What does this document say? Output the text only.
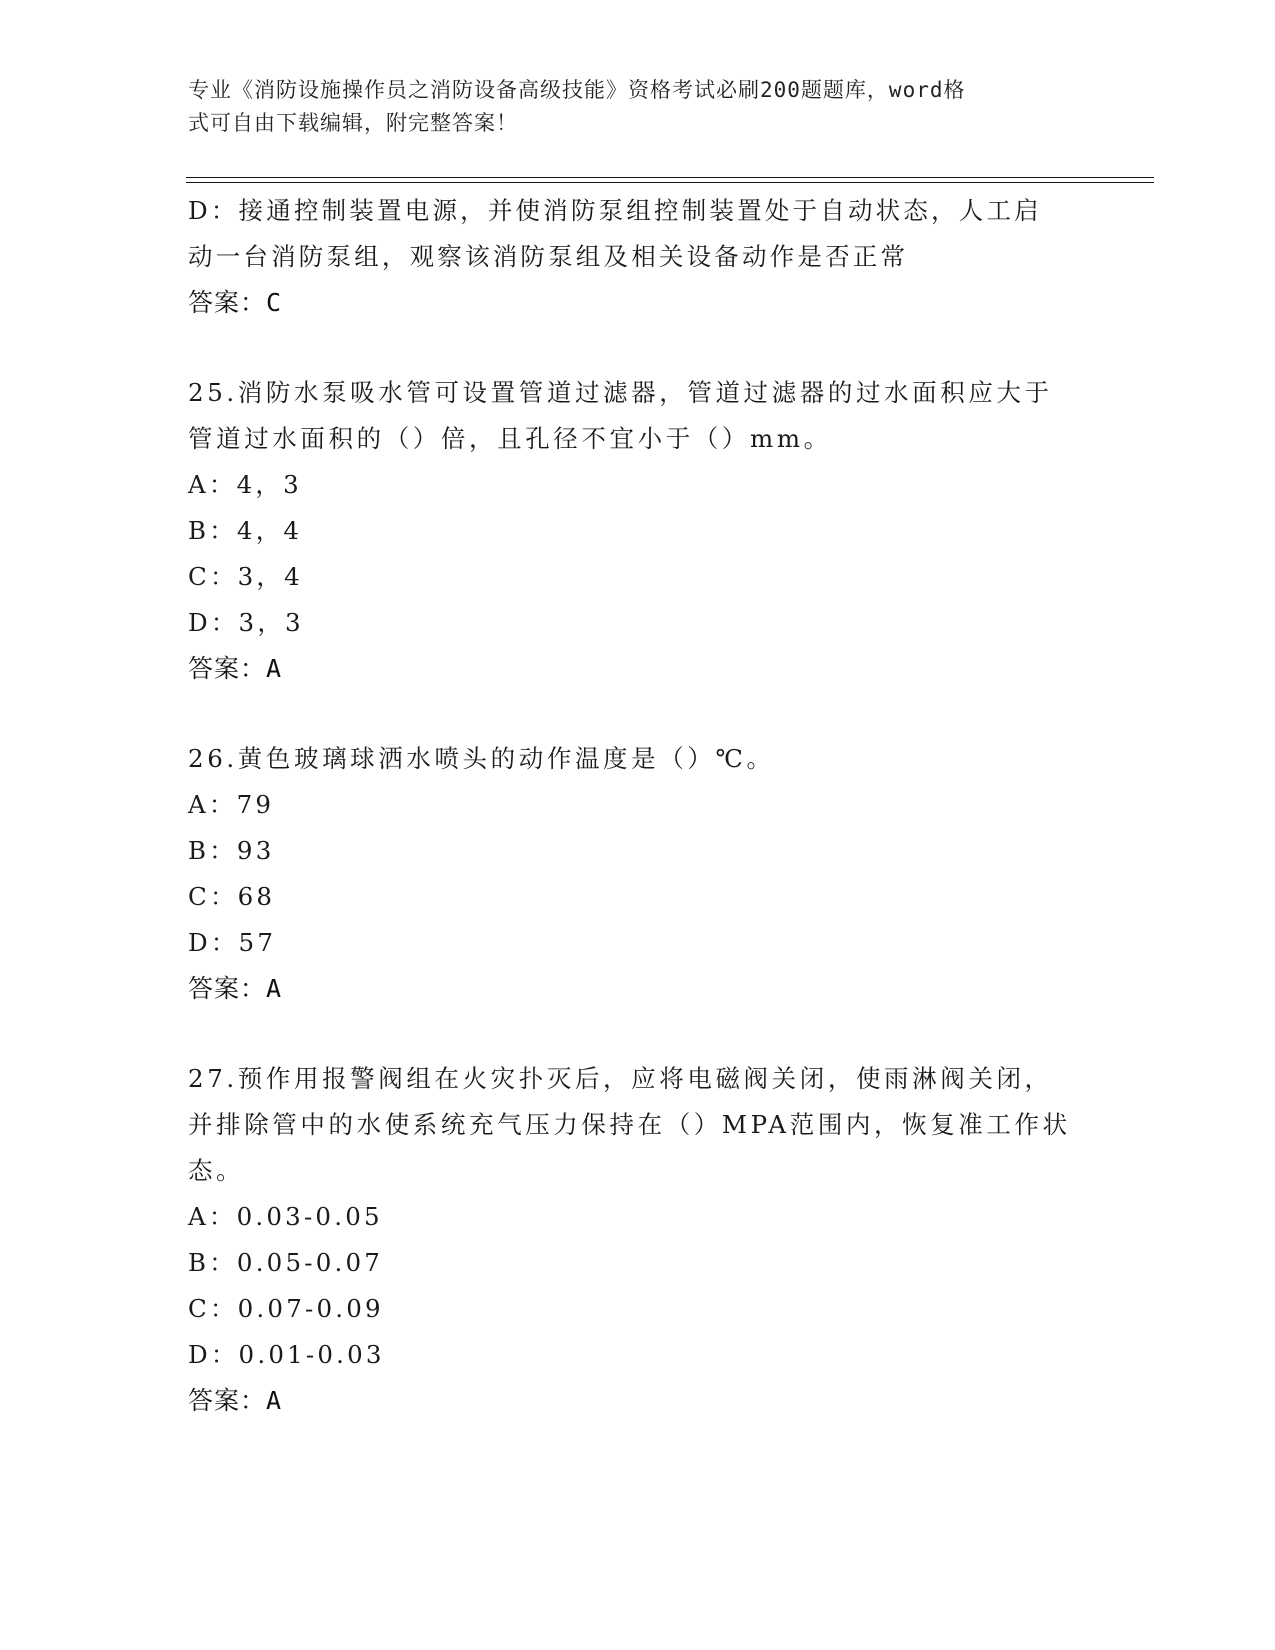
专业《消防设施操作员之消防设备高级技能》资格考试必刷200题题库，word格
式可自由下载编辑，附完整答案！
D：接通控制装置电源，并使消防泵组控制装置处于自动状态，人工启
动一台消防泵组，观察该消防泵组及相关设备动作是否正常
答案：C
25.消防水泵吸水管可设置管道过滤器，管道过滤器的过水面积应大于
管道过水面积的（）倍，且孔径不宜小于（）mm。
A：4，3
B：4，4
C：3，4
D：3，3
答案：A
26.黄色玻璃球洒水喷头的动作温度是（）℃。
A：79
B：93
C：68
D：57
答案：A
27.预作用报警阀组在火灾扑灭后，应将电磁阀关闭，使雨淋阀关闭，
并排除管中的水使系统充气压力保持在（）MPA范围内，恢复准工作状
态。
A：0.03-0.05
B：0.05-0.07
C：0.07-0.09
D：0.01-0.03
答案：A
